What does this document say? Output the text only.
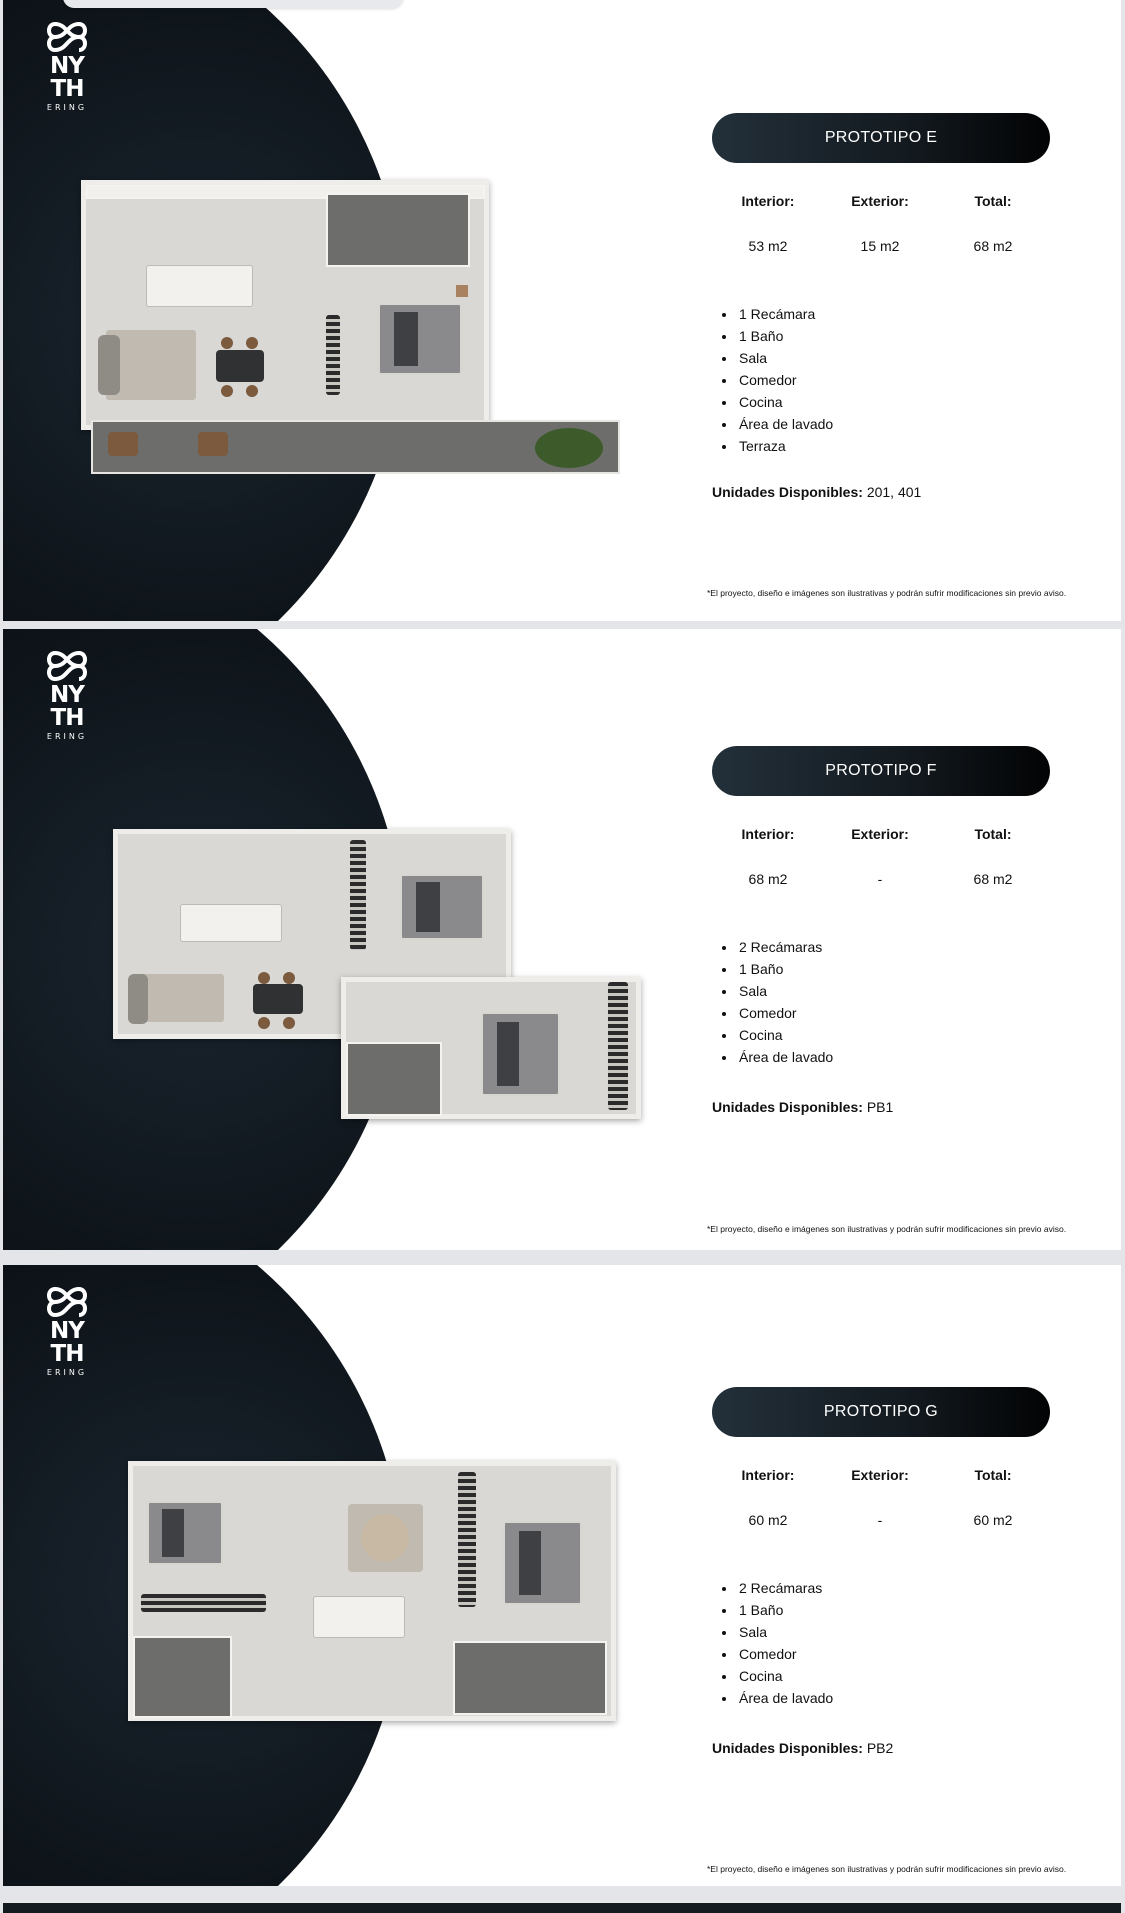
NY
TH
ERING
PROTOTIPO E
Interior:	Exterior:	Total:
53 m2	15 m2	68 m2
• 1 Recámara
• 1 Baño
• Sala
• Comedor
• Cocina
• Área de lavado
• Terraza
Unidades Disponibles: 201, 401
*El proyecto, diseño e imágenes son ilustrativas y podrán sufrir modificaciones sin previo aviso.
NY
TH
ERING
PROTOTIPO F
Interior:	Exterior:	Total:
68 m2	-	68 m2
• 2 Recámaras
• 1 Baño
• Sala
• Comedor
• Cocina
• Área de lavado
Unidades Disponibles: PB1
*El proyecto, diseño e imágenes son ilustrativas y podrán sufrir modificaciones sin previo aviso.
NY
TH
ERING
PROTOTIPO G
Interior:	Exterior:	Total:
60 m2	-	60 m2
• 2 Recámaras
• 1 Baño
• Sala
• Comedor
• Cocina
• Área de lavado
Unidades Disponibles: PB2
*El proyecto, diseño e imágenes son ilustrativas y podrán sufrir modificaciones sin previo aviso.
